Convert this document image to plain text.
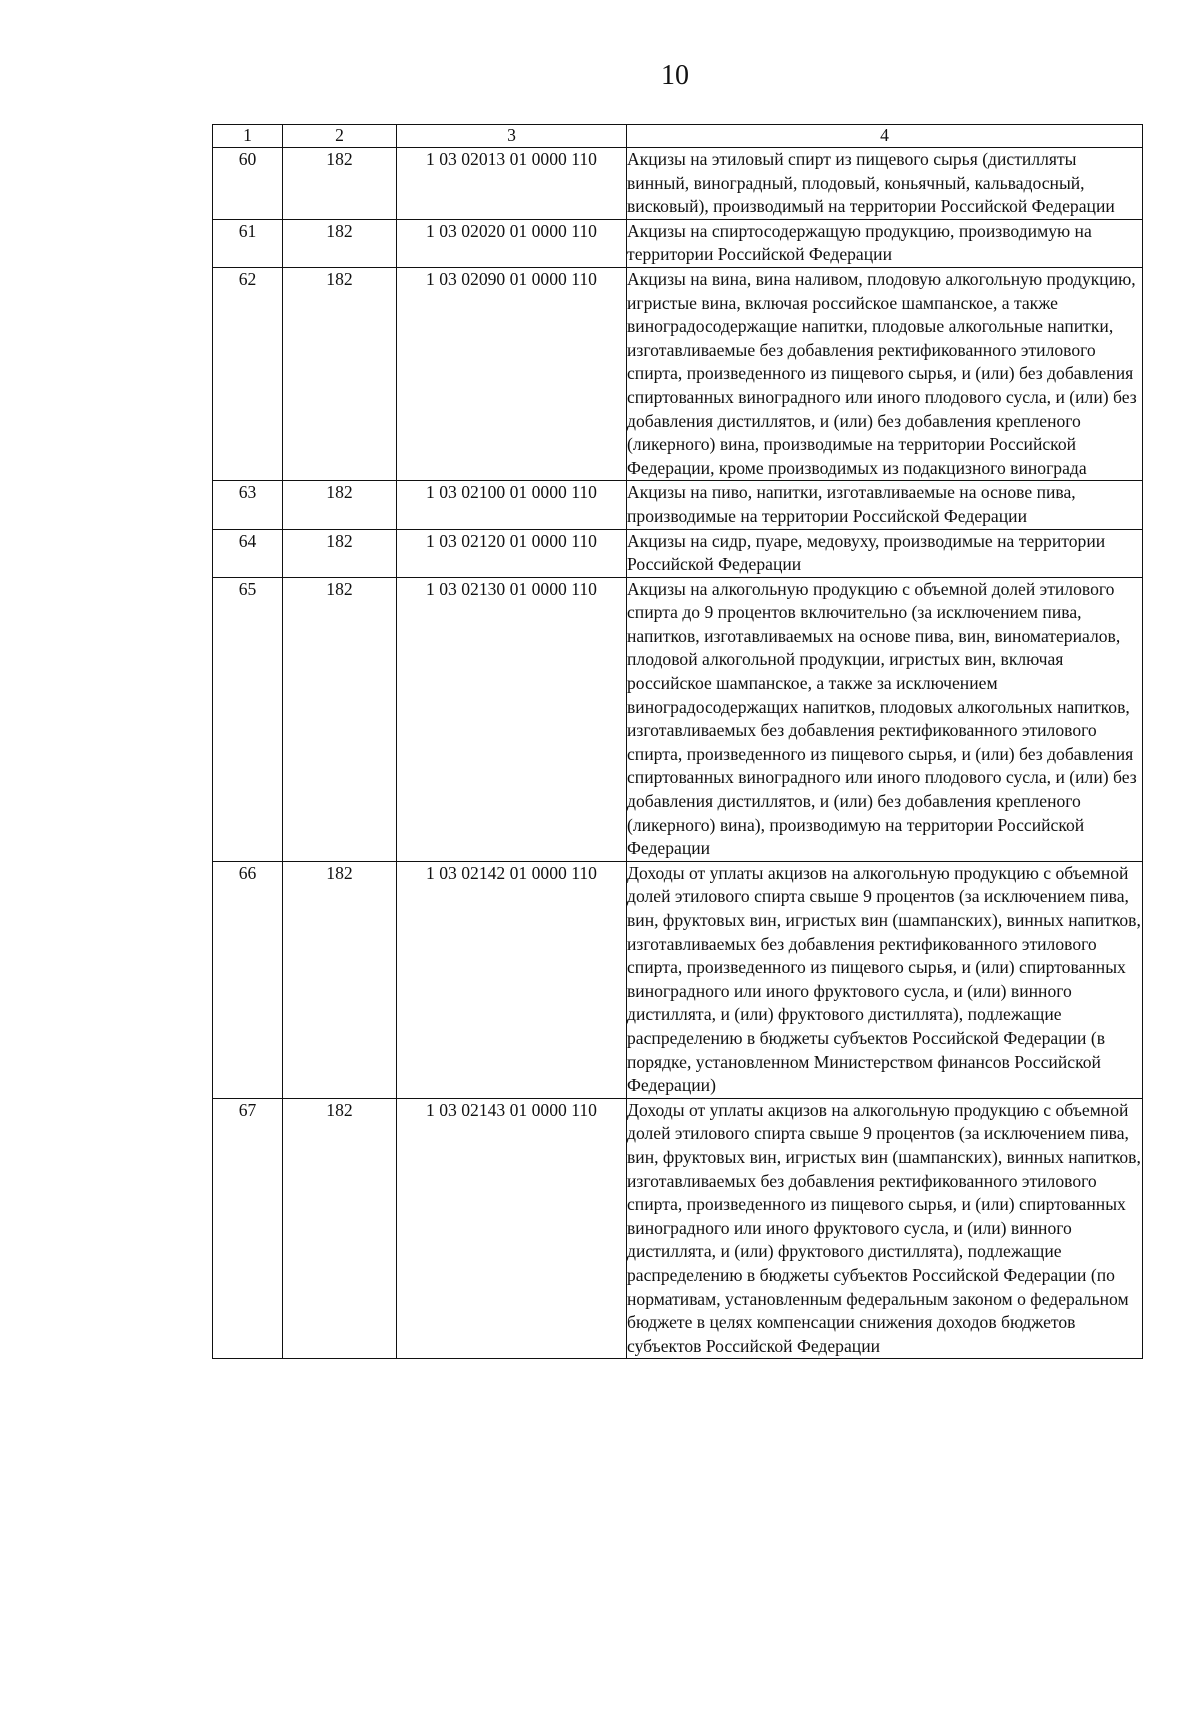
10
1	2	3	4
60	182	1 03 02013 01 0000 110	Акцизы на этиловый спирт из пищевого сырья (дистилляты винный, виноградный, плодовый, коньячный, кальвадосный, висковый), производимый на территории Российской Федерации
61	182	1 03 02020 01 0000 110	Акцизы на спиртосодержащую продукцию, производимую на территории Российской Федерации
62	182	1 03 02090 01 0000 110	Акцизы на вина, вина наливом, плодовую алкогольную продукцию, игристые вина, включая российское шампанское, а также виноградосодержащие напитки, плодовые алкогольные напитки, изготавливаемые без добавления ректификованного этилового спирта, произведенного из пищевого сырья, и (или) без добавления спиртованных виноградного или иного плодового сусла, и (или) без добавления дистиллятов, и (или) без добавления крепленого (ликерного) вина, производимые на территории Российской Федерации, кроме производимых из подакцизного винограда
63	182	1 03 02100 01 0000 110	Акцизы на пиво, напитки, изготавливаемые на основе пива, производимые на территории Российской Федерации
64	182	1 03 02120 01 0000 110	Акцизы на сидр, пуаре, медовуху, производимые на территории Российской Федерации
65	182	1 03 02130 01 0000 110	Акцизы на алкогольную продукцию с объемной долей этилового спирта до 9 процентов включительно (за исключением пива, напитков, изготавливаемых на основе пива, вин, виноматериалов, плодовой алкогольной продукции, игристых вин, включая российское шампанское, а также за исключением виноградосодержащих напитков, плодовых алкогольных напитков, изготавливаемых без добавления ректификованного этилового спирта, произведенного из пищевого сырья, и (или) без добавления спиртованных виноградного или иного плодового сусла, и (или) без добавления дистиллятов, и (или) без добавления крепленого (ликерного) вина), производимую на территории Российской Федерации
66	182	1 03 02142 01 0000 110	Доходы от уплаты акцизов на алкогольную продукцию с объемной долей этилового спирта свыше 9 процентов (за исключением пива, вин, фруктовых вин, игристых вин (шампанских), винных напитков, изготавливаемых без добавления ректификованного этилового спирта, произведенного из пищевого сырья, и (или) спиртованных виноградного или иного фруктового сусла, и (или) винного дистиллята, и (или) фруктового дистиллята), подлежащие распределению в бюджеты субъектов Российской Федерации (в порядке, установленном Министерством финансов Российской Федерации)
67	182	1 03 02143 01 0000 110	Доходы от уплаты акцизов на алкогольную продукцию с объемной долей этилового спирта свыше 9 процентов (за исключением пива, вин, фруктовых вин, игристых вин (шампанских), винных напитков, изготавливаемых без добавления ректификованного этилового спирта, произведенного из пищевого сырья, и (или) спиртованных виноградного или иного фруктового сусла, и (или) винного дистиллята, и (или) фруктового дистиллята), подлежащие распределению в бюджеты субъектов Российской Федерации (по нормативам, установленным федеральным законом о федеральном бюджете в целях компенсации снижения доходов бюджетов субъектов Российской Федерации
